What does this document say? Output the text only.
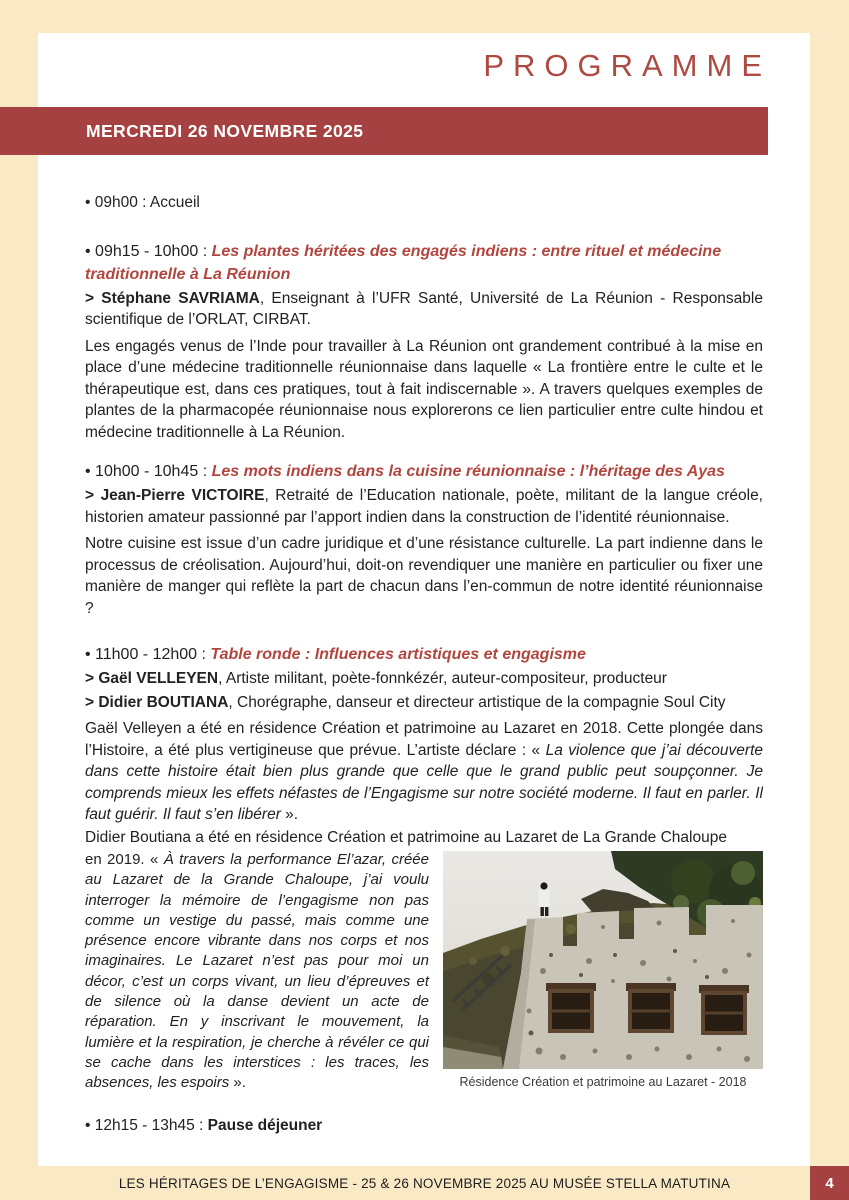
PROGRAMME
MERCREDI 26 NOVEMBRE 2025

• 09h00 : Accueil

• 09h15 - 10h00 : Les plantes héritées des engagés indiens : entre rituel et médecine traditionnelle à La Réunion

> Stéphane SAVRIAMA, Enseignant à l’UFR Santé, Université de La Réunion - Responsable scientifique de l’ORLAT, CIRBAT.

Les engagés venus de l’Inde pour travailler à La Réunion ont grandement contribué à la mise en place d’une médecine traditionnelle réunionnaise dans laquelle « La frontière entre le culte et le thérapeutique est, dans ces pratiques, tout à fait indiscernable ». A travers quelques exemples de plantes de la pharmacopée réunionnaise nous explorerons ce lien particulier entre culte hindou et médecine traditionnelle à La Réunion.

• 10h00 - 10h45 : Les mots indiens dans la cuisine réunionnaise : l’héritage des Ayas

> Jean-Pierre VICTOIRE, Retraité de l’Education nationale, poète, militant de la langue créole, historien amateur passionné par l’apport indien dans la construction de l’identité réunionnaise.

Notre cuisine est issue d’un cadre juridique et d’une résistance culturelle. La part indienne dans le processus de créolisation. Aujourd’hui, doit-on revendiquer une manière en particulier ou fixer une manière de manger qui reflète la part de chacun dans l’en-commun de notre identité réunionnaise ?

• 11h00 - 12h00 : Table ronde : Influences artistiques et engagisme

> Gaël VELLEYEN, Artiste militant, poète-fonnkézér, auteur-compositeur, producteur

> Didier BOUTIANA, Chorégraphe, danseur et directeur artistique de la compagnie Soul City

Gaël Velleyen a été en résidence Création et patrimoine au Lazaret en 2018. Cette plongée dans l’Histoire, a été plus vertigineuse que prévue. L’artiste déclare : « La violence que j’ai découverte dans cette histoire était bien plus grande que celle que le grand public peut soupçonner. Je comprends mieux les effets néfastes de l’Engagisme sur notre société moderne. Il faut en parler. Il faut guérir. Il faut s’en libérer ».

Didier Boutiana a été en résidence Création et patrimoine au Lazaret de La Grande Chaloupe

Résidence Création et patrimoine au Lazaret - 2018

en 2019. « À travers la performance El’azar, créée au Lazaret de la Grande Chaloupe, j’ai voulu interroger la mémoire de l’engagisme non pas comme un vestige du passé, mais comme une présence encore vibrante dans nos corps et nos imaginaires. Le Lazaret n’est pas pour moi un décor, c’est un corps vivant, un lieu d’épreuves et de silence où la danse devient un acte de réparation. En y inscrivant le mouvement, la lumière et la respiration, je cherche à révéler ce qui se cache dans les interstices : les traces, les absences, les espoirs ».

• 12h15 - 13h45 : Pause déjeuner

LES HÉRITAGES DE L’ENGAGISME - 25 & 26 NOVEMBRE 2025 AU MUSÉE STELLA MATUTINA	4
